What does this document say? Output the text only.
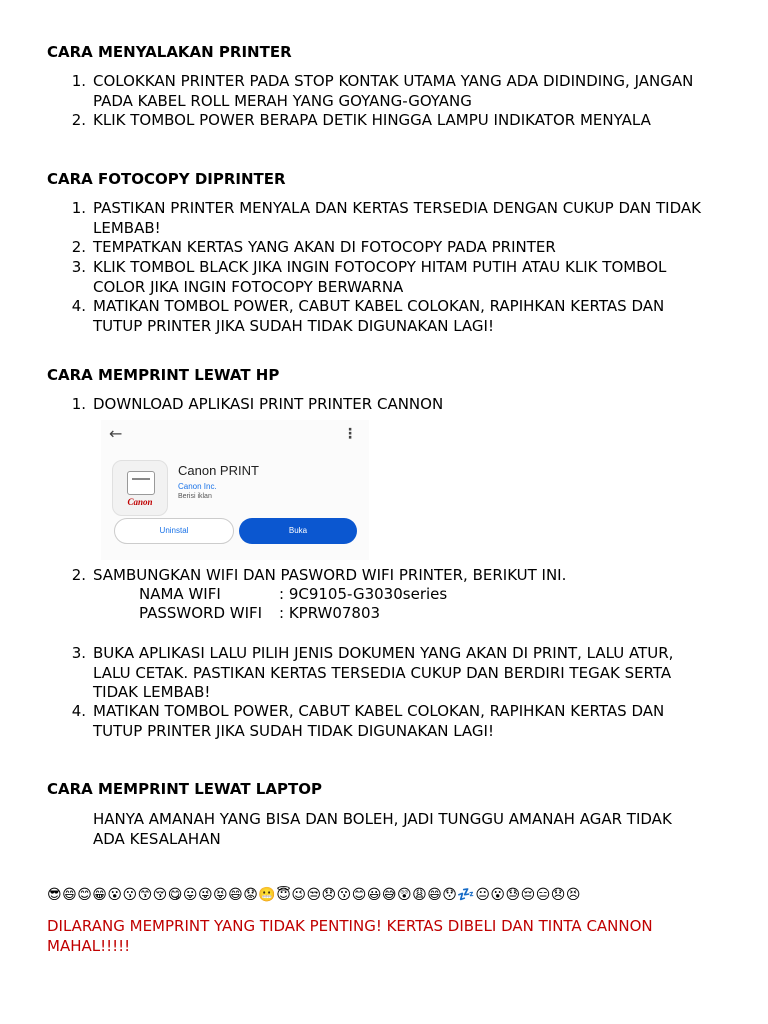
CARA MENYALAKAN PRINTER
1. COLOKKAN PRINTER PADA STOP KONTAK UTAMA YANG ADA DIDINDING, JANGAN
PADA KABEL ROLL MERAH YANG GOYANG-GOYANG
2. KLIK TOMBOL POWER BERAPA DETIK HINGGA LAMPU INDIKATOR MENYALA
CARA FOTOCOPY DIPRINTER
1. PASTIKAN PRINTER MENYALA DAN KERTAS TERSEDIA DENGAN CUKUP DAN TIDAK
LEMBAB!
2. TEMPATKAN KERTAS YANG AKAN DI FOTOCOPY PADA PRINTER
3. KLIK TOMBOL BLACK JIKA INGIN FOTOCOPY HITAM PUTIH ATAU KLIK TOMBOL
COLOR JIKA INGIN FOTOCOPY BERWARNA
4. MATIKAN TOMBOL POWER, CABUT KABEL COLOKAN, RAPIHKAN KERTAS DAN
TUTUP PRINTER JIKA SUDAH TIDAK DIGUNAKAN LAGI!
CARA MEMPRINT LEWAT HP
1. DOWNLOAD APLIKASI PRINT PRINTER CANNON
←	⋮
Canon
Canon PRINT
Canon Inc.
Berisi iklan
Uninstal	Buka
2. SAMBUNGKAN WIFI DAN PASWORD WIFI PRINTER, BERIKUT INI.
NAMA WIFI	: 9C9105-G3030series
PASSWORD WIFI : KPRW07803
3. BUKA APLIKASI LALU PILIH JENIS DOKUMEN YANG AKAN DI PRINT, LALU ATUR,
LALU CETAK. PASTIKAN KERTAS TERSEDIA CUKUP DAN BERDIRI TEGAK SERTA
TIDAK LEMBAB!
4. MATIKAN TOMBOL POWER, CABUT KABEL COLOKAN, RAPIHKAN KERTAS DAN
TUTUP PRINTER JIKA SUDAH TIDAK DIGUNAKAN LAGI!
CARA MEMPRINT LEWAT LAPTOP
HANYA AMANAH YANG BISA DAN BOLEH, JADI TUNGGU AMANAH AGAR TIDAK
ADA KESALAHAN
😎😄😊😁😮😗😙😚😋😛😜😝😄😟😬😇😉😒😞😗😊😃😅😲😩😄😯💤😐😮😓😔😑😞😣
DILARANG MEMPRINT YANG TIDAK PENTING! KERTAS DIBELI DAN TINTA CANNON
MAHAL!!!!!
